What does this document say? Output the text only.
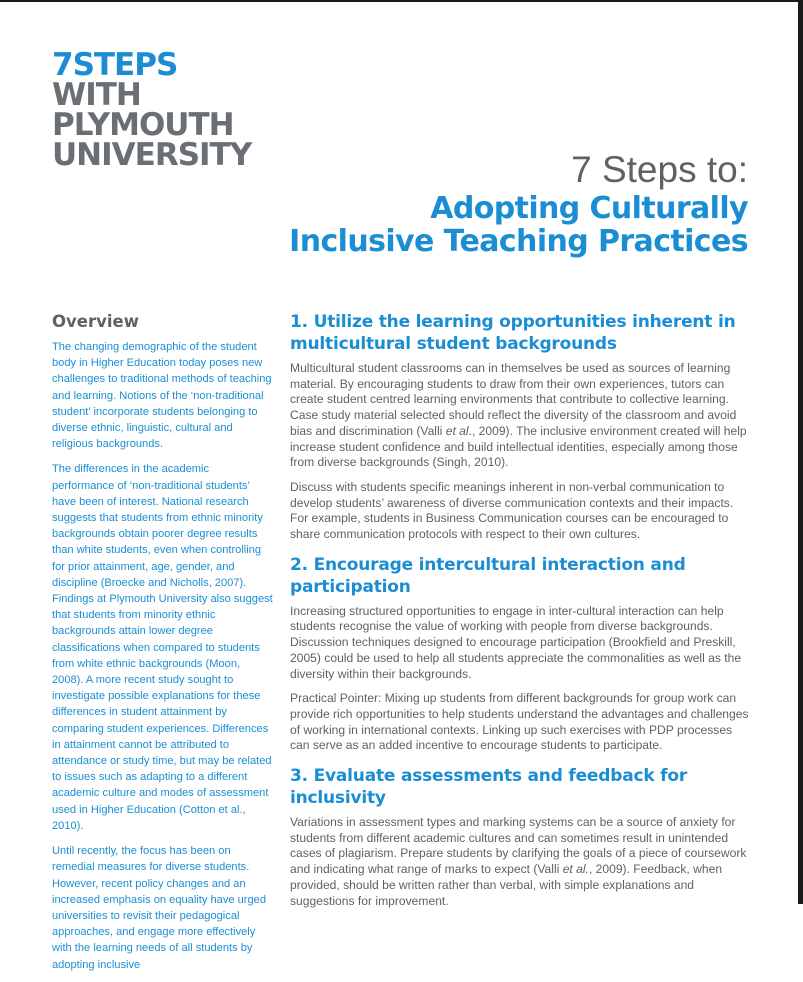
7STEPS
WITH
PLYMOUTH
UNIVERSITY	7 Steps to:
Adopting Culturally
Inclusive Teaching Practices
Overview

The changing demographic of the student body in Higher Education today poses new challenges to traditional methods of teaching and learning. Notions of the ‘non-traditional student’ incorporate students belonging to diverse ethnic, linguistic, cultural and religious backgrounds.

The differences in the academic performance of ‘non-traditional students’ have been of interest. National research suggests that students from ethnic minority backgrounds obtain poorer degree results than white students, even when controlling for prior attainment, age, gender, and discipline (Broecke and Nicholls, 2007). Findings at Plymouth University also suggest that students from minority ethnic backgrounds attain lower degree classifications when compared to students from white ethnic backgrounds (Moon, 2008). A more recent study sought to investigate possible explanations for these differences in student attainment by comparing student experiences. Differences in attainment cannot be attributed to attendance or study time, but may be related to issues such as adapting to a different academic culture and modes of assessment used in Higher Education (Cotton et al., 2010).

Until recently, the focus has been on remedial measures for diverse students. However, recent policy changes and an increased emphasis on equality have urged universities to revisit their pedagogical approaches, and engage more effectively with the learning needs of all students by adopting inclusive

1. Utilize the learning opportunities inherent in multicultural student backgrounds

Multicultural student classrooms can in themselves be used as sources of learning material. By encouraging students to draw from their own experiences, tutors can create student centred learning environments that contribute to collective learning. Case study material selected should reflect the diversity of the classroom and avoid bias and discrimination (Valli et al., 2009). The inclusive environment created will help increase student confidence and build intellectual identities, especially among those from diverse backgrounds (Singh, 2010).

Discuss with students specific meanings inherent in non-verbal communication to develop students’ awareness of diverse communication contexts and their impacts. For example, students in Business Communication courses can be encouraged to share communication protocols with respect to their own cultures.

2. Encourage intercultural interaction and participation

Increasing structured opportunities to engage in inter-cultural interaction can help students recognise the value of working with people from diverse backgrounds. Discussion techniques designed to encourage participation (Brookfield and Preskill, 2005) could be used to help all students appreciate the commonalities as well as the diversity within their backgrounds.

Practical Pointer: Mixing up students from different backgrounds for group work can provide rich opportunities to help students understand the advantages and challenges of working in international contexts. Linking up such exercises with PDP processes can serve as an added incentive to encourage students to participate.

3. Evaluate assessments and feedback for inclusivity

Variations in assessment types and marking systems can be a source of anxiety for students from different academic cultures and can sometimes result in unintended cases of plagiarism. Prepare students by clarifying the goals of a piece of coursework and indicating what range of marks to expect (Valli et al., 2009). Feedback, when provided, should be written rather than verbal, with simple explanations and suggestions for improvement.
